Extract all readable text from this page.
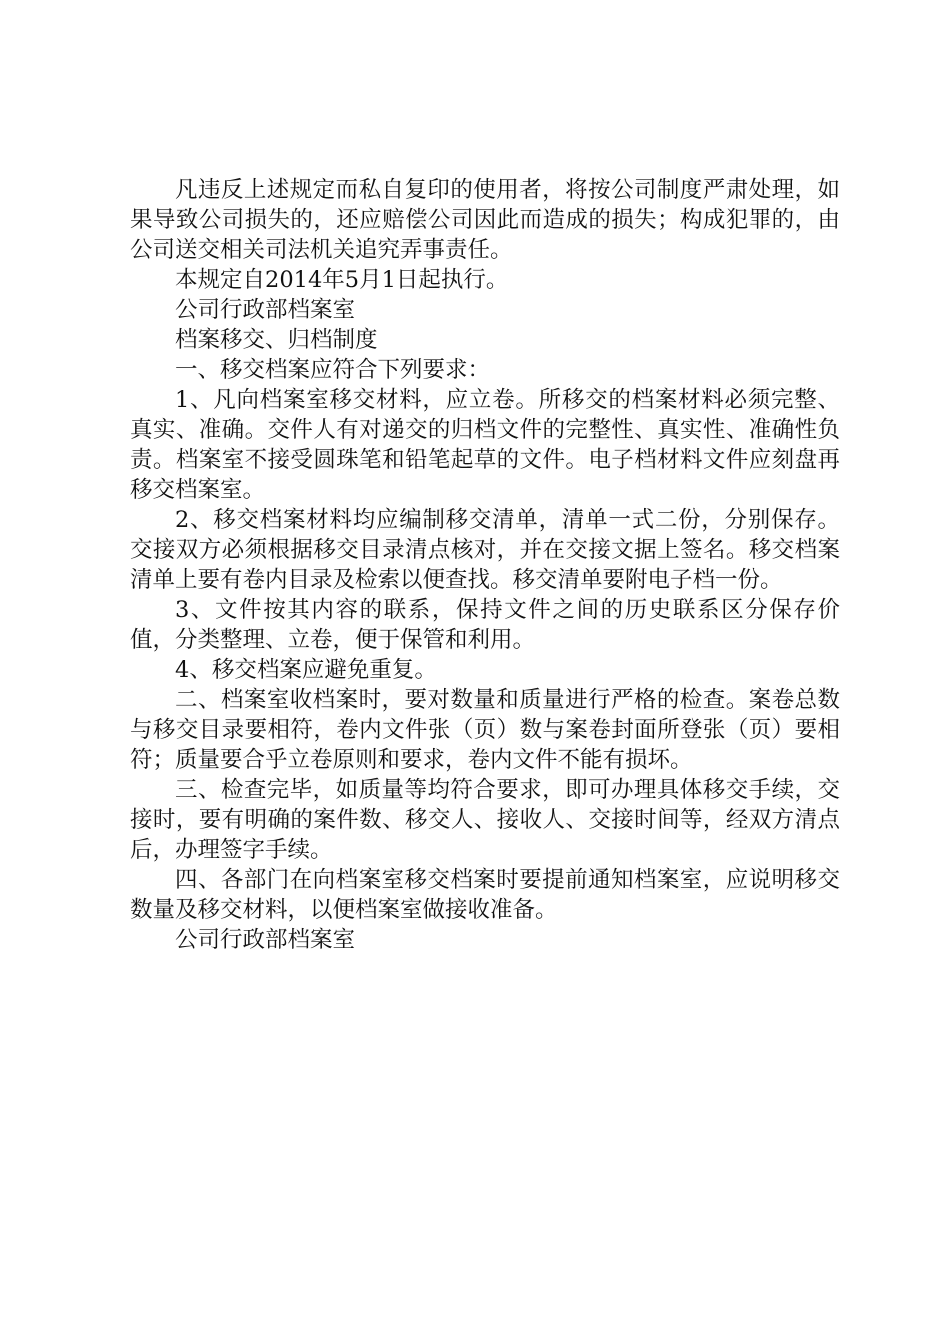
凡违反上述规定而私自复印的使用者，将按公司制度严肃处理，如果导致公司损失的，还应赔偿公司因此而造成的损失；构成犯罪的，由公司送交相关司法机关追究弄事责任。

本规定自2014年5月1日起执行。

公司行政部档案室

档案移交、归档制度

一、移交档案应符合下列要求：

1、凡向档案室移交材料，应立卷。所移交的档案材料必须完整、真实、准确。交件人有对递交的归档文件的完整性、真实性、准确性负责。档案室不接受圆珠笔和铅笔起草的文件。电子档材料文件应刻盘再移交档案室。

2、移交档案材料均应编制移交清单，清单一式二份，分别保存。交接双方必须根据移交目录清点核对，并在交接文据上签名。移交档案清单上要有卷内目录及检索以便查找。移交清单要附电子档一份。

3、文件按其内容的联系，保持文件之间的历史联系区分保存价值，分类整理、立卷，便于保管和利用。

4、移交档案应避免重复。

二、档案室收档案时，要对数量和质量进行严格的检查。案卷总数与移交目录要相符，卷内文件张（页）数与案卷封面所登张（页）要相符；质量要合乎立卷原则和要求，卷内文件不能有损坏。

三、检查完毕，如质量等均符合要求，即可办理具体移交手续，交接时，要有明确的案件数、移交人、接收人、交接时间等，经双方清点后，办理签字手续。

四、各部门在向档案室移交档案时要提前通知档案室，应说明移交数量及移交材料，以便档案室做接收准备。

公司行政部档案室
